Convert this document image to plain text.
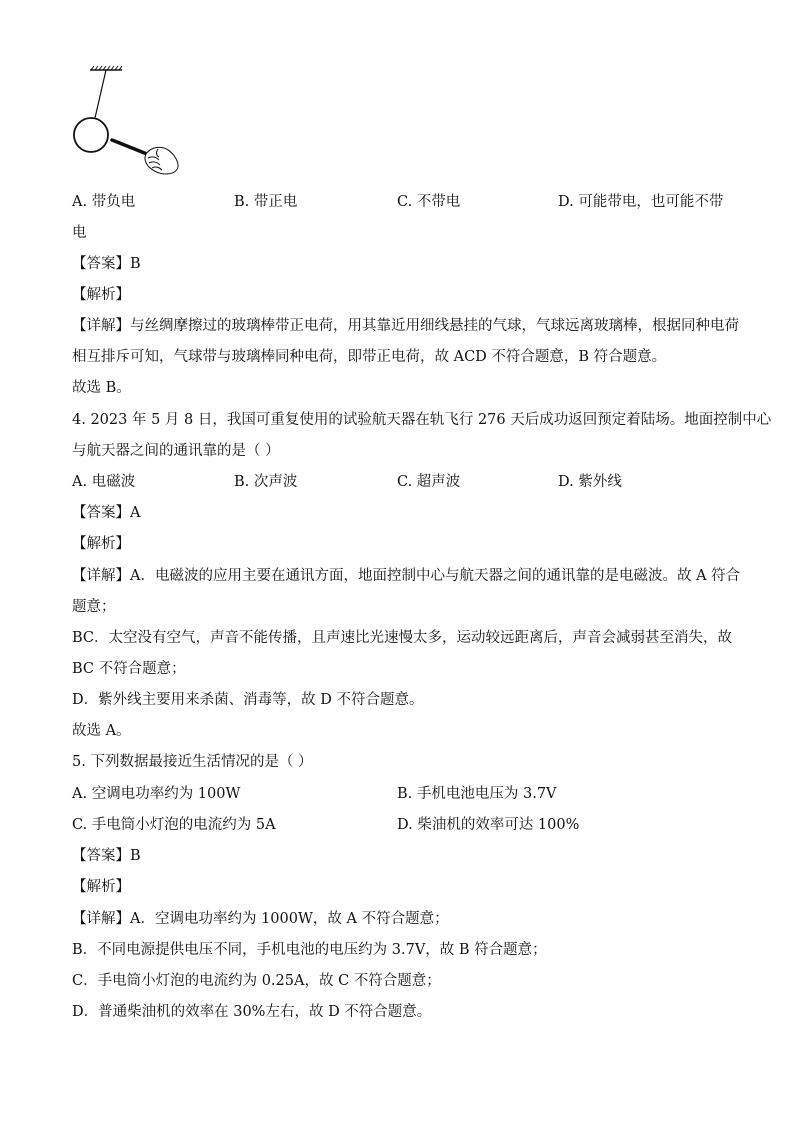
A. 带负电	B. 带正电	C. 不带电	D. 可能带电，也可能不带
电
【答案】B
【解析】
【详解】与丝绸摩擦过的玻璃棒带正电荷，用其靠近用细线悬挂的气球，气球远离玻璃棒，根据同种电荷
相互排斥可知，气球带与玻璃棒同种电荷，即带正电荷，故 ACD 不符合题意，B 符合题意。
故选 B。
4. 2023 年 5 月 8 日，我国可重复使用的试验航天器在轨飞行 276 天后成功返回预定着陆场。地面控制中心
与航天器之间的通讯靠的是（ ）
A. 电磁波	B. 次声波	C. 超声波	D. 紫外线
【答案】A
【解析】
【详解】A．电磁波的应用主要在通讯方面，地面控制中心与航天器之间的通讯靠的是电磁波。故 A 符合
题意；
BC．太空没有空气，声音不能传播，且声速比光速慢太多，运动较远距离后，声音会减弱甚至消失，故
BC 不符合题意；
D．紫外线主要用来杀菌、消毒等，故 D 不符合题意。
故选 A。
5. 下列数据最接近生活情况的是（ ）
A. 空调电功率约为 100W	B. 手机电池电压为 3.7V
C. 手电筒小灯泡的电流约为 5A	D. 柴油机的效率可达 100%
【答案】B
【解析】
【详解】A．空调电功率约为 1000W，故 A 不符合题意；
B．不同电源提供电压不同，手机电池的电压约为 3.7V，故 B 符合题意；
C．手电筒小灯泡的电流约为 0.25A，故 C 不符合题意；
D．普通柴油机的效率在 30%左右，故 D 不符合题意。
